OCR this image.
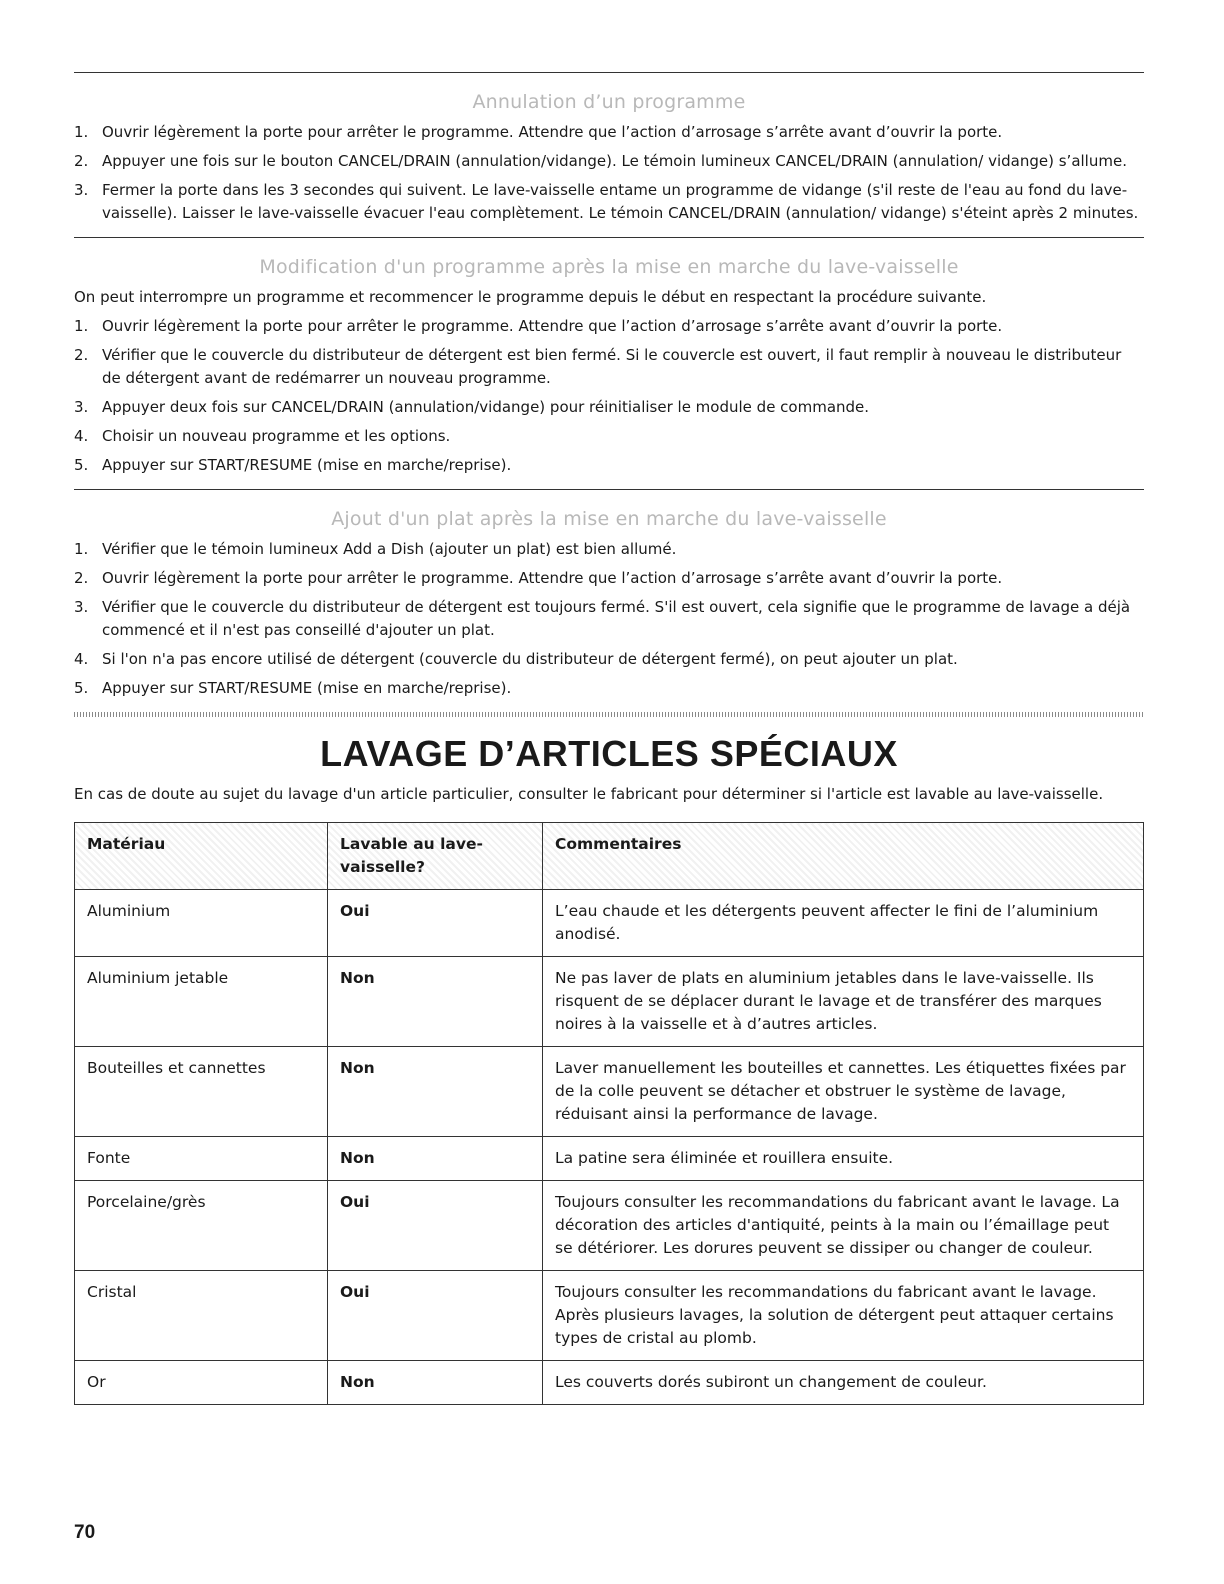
Annulation d’un programme
1. Ouvrir légèrement la porte pour arrêter le programme. Attendre que l’action d’arrosage s’arrête avant d’ouvrir la porte.
2. Appuyer une fois sur le bouton CANCEL/DRAIN (annulation/vidange). Le témoin lumineux CANCEL/DRAIN (annulation/ vidange) s’allume.
3. Fermer la porte dans les 3 secondes qui suivent. Le lave-vaisselle entame un programme de vidange (s'il reste de l'eau au fond du lave-vaisselle). Laisser le lave-vaisselle évacuer l'eau complètement. Le témoin CANCEL/DRAIN (annulation/ vidange) s'éteint après 2 minutes.
Modification d'un programme après la mise en marche du lave-vaisselle

On peut interrompre un programme et recommencer le programme depuis le début en respectant la procédure suivante.

1. Ouvrir légèrement la porte pour arrêter le programme. Attendre que l’action d’arrosage s’arrête avant d’ouvrir la porte.
2. Vérifier que le couvercle du distributeur de détergent est bien fermé. Si le couvercle est ouvert, il faut remplir à nouveau le distributeur de détergent avant de redémarrer un nouveau programme.
3. Appuyer deux fois sur CANCEL/DRAIN (annulation/vidange) pour réinitialiser le module de commande.
4. Choisir un nouveau programme et les options.
5. Appuyer sur START/RESUME (mise en marche/reprise).
Ajout d'un plat après la mise en marche du lave-vaisselle
1. Vérifier que le témoin lumineux Add a Dish (ajouter un plat) est bien allumé.
2. Ouvrir légèrement la porte pour arrêter le programme. Attendre que l’action d’arrosage s’arrête avant d’ouvrir la porte.
3. Vérifier que le couvercle du distributeur de détergent est toujours fermé. S'il est ouvert, cela signifie que le programme de lavage a déjà commencé et il n'est pas conseillé d'ajouter un plat.
4. Si l'on n'a pas encore utilisé de détergent (couvercle du distributeur de détergent fermé), on peut ajouter un plat.
5. Appuyer sur START/RESUME (mise en marche/reprise).
LAVAGE D’ARTICLES SPÉCIAUX

En cas de doute au sujet du lavage d'un article particulier, consulter le fabricant pour déterminer si l'article est lavable au lave-vaisselle.

Matériau	Lavable au lave-vaisselle?	Commentaires
Aluminium	Oui	L’eau chaude et les détergents peuvent affecter le fini de l’aluminium anodisé.
Aluminium jetable	Non	Ne pas laver de plats en aluminium jetables dans le lave-vaisselle. Ils risquent de se déplacer durant le lavage et de transférer des marques noires à la vaisselle et à d’autres articles.
Bouteilles et cannettes	Non	Laver manuellement les bouteilles et cannettes. Les étiquettes fixées par de la colle peuvent se détacher et obstruer le système de lavage, réduisant ainsi la performance de lavage.
Fonte	Non	La patine sera éliminée et rouillera ensuite.
Porcelaine/grès	Oui	Toujours consulter les recommandations du fabricant avant le lavage. La décoration des articles d'antiquité, peints à la main ou l’émaillage peut se détériorer. Les dorures peuvent se dissiper ou changer de couleur.
Cristal	Oui	Toujours consulter les recommandations du fabricant avant le lavage. Après plusieurs lavages, la solution de détergent peut attaquer certains types de cristal au plomb.
Or	Non	Les couverts dorés subiront un changement de couleur.
70
